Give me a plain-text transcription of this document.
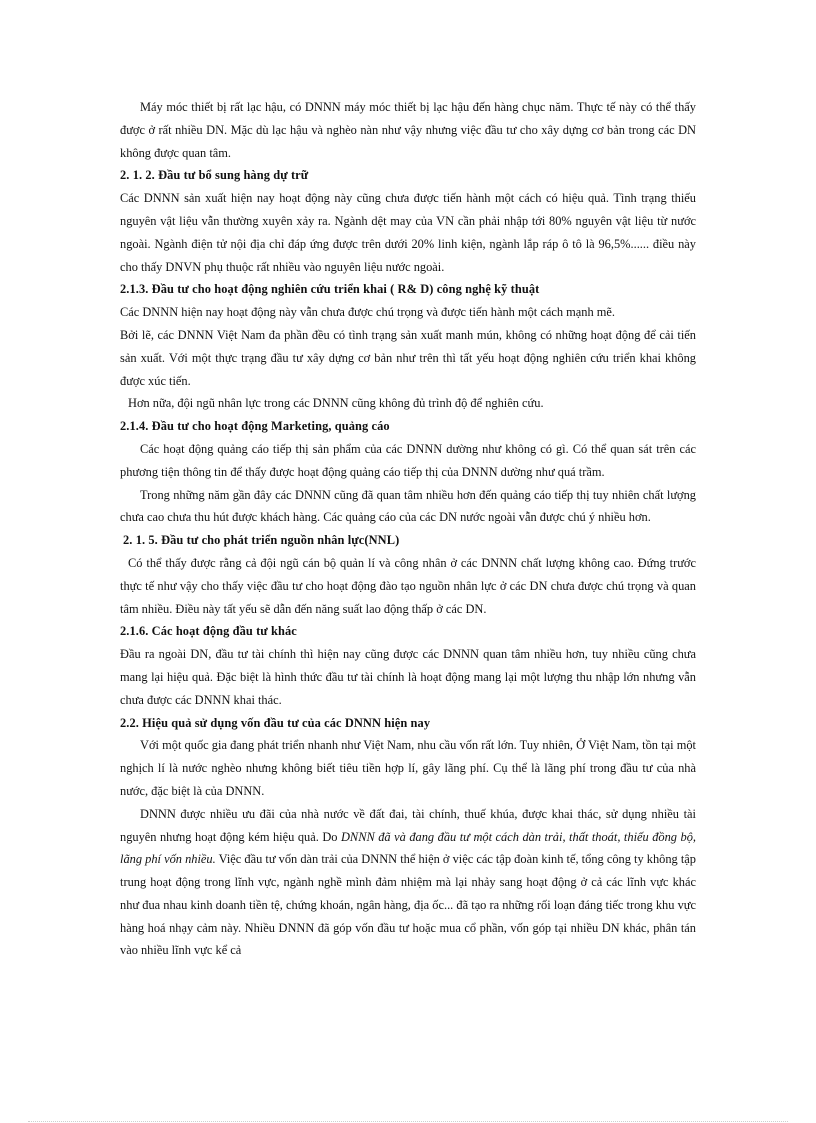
Máy móc thiết bị rất lạc hậu, có DNNN máy móc thiết bị lạc hậu đến hàng chục năm. Thực tế này có thể thấy được ở rất nhiều DN. Mặc dù lạc hậu và nghèo nàn như vậy nhưng việc đầu tư cho xây dựng cơ bản trong các DN không được quan tâm.

2. 1. 2. Đầu tư bổ sung hàng dự trữ

Các DNNN sản xuất hiện nay hoạt động này cũng chưa được tiến hành một cách có hiệu quả. Tình trạng thiếu nguyên vật liệu vẫn thường xuyên xảy ra. Ngành dệt may của VN cần phải nhập tới 80% nguyên vật liệu từ nước ngoài. Ngành điện tử nội địa chỉ đáp ứng được trên dưới 20% linh kiện, ngành lắp ráp ô tô là 96,5%...... điều này cho thấy DNVN phụ thuộc rất nhiều vào nguyên liệu nước ngoài.

2.1.3. Đầu tư cho hoạt động nghiên cứu triển khai ( R& D) công nghệ kỹ thuật

Các DNNN hiện nay hoạt động này vẫn chưa được chú trọng và được tiến hành một cách mạnh mẽ.

Bởi lẽ, các DNNN Việt Nam đa phần đều có tình trạng sản xuất manh mún, không có những hoạt động để cải tiến sản xuất. Với một thực trạng đầu tư xây dựng cơ bản như trên thì tất yếu hoạt động nghiên cứu triển khai không được xúc tiến.

Hơn nữa, đội ngũ nhân lực trong các DNNN cũng không đủ trình độ để nghiên cứu.

2.1.4. Đầu tư cho hoạt động Marketing, quảng cáo

Các hoạt động quảng cáo tiếp thị sản phẩm của các DNNN dường như không có gì. Có thể quan sát trên các phương tiện thông tin để thấy được hoạt động quảng cáo tiếp thị của DNNN dường như quá trầm.

Trong những năm gần đây các DNNN cũng đã quan tâm nhiều hơn đến quảng cáo tiếp thị tuy nhiên chất lượng chưa cao chưa thu hút được khách hàng. Các quảng cáo của các DN nước ngoài vẫn được chú ý nhiều hơn.

2. 1. 5. Đầu tư cho phát triển nguồn nhân lực(NNL)

Có thể thấy được rằng cả đội ngũ cán bộ quản lí và công nhân ở các DNNN chất lượng không cao. Đứng trước thực tế như vậy cho thấy việc đầu tư cho hoạt động đào tạo nguồn nhân lực ở các DN chưa được chú trọng và quan tâm nhiều. Điều này tất yếu sẽ dẫn đến năng suất lao động thấp ở các DN.

2.1.6. Các hoạt động đầu tư khác

Đầu ra ngoài DN, đầu tư tài chính thì hiện nay cũng được các DNNN quan tâm nhiều hơn, tuy nhiều cũng chưa mang lại hiệu quả. Đặc biệt là hình thức đầu tư tài chính là hoạt động mang lại một lượng thu nhập lớn nhưng vẫn chưa được các DNNN khai thác.

2.2. Hiệu quả sử dụng vốn đầu tư của các DNNN hiện nay

Với một quốc gia đang phát triển nhanh như Việt Nam, nhu cầu vốn rất lớn. Tuy nhiên, Ở Việt Nam, tồn tại một nghịch lí là nước nghèo nhưng không biết tiêu tiền hợp lí, gây lãng phí. Cụ thể là lãng phí trong đầu tư của nhà nước, đặc biệt là của DNNN.

DNNN được nhiều ưu đãi của nhà nước về đất đai, tài chính, thuế khúa, được khai thác, sử dụng nhiều tài nguyên nhưng hoạt động kém hiệu quả. Do DNNN đã và đang đầu tư một cách dàn trải, thất thoát, thiếu đồng bộ, lãng phí vốn nhiều. Việc đầu tư vốn dàn trải của DNNN thể hiện ở việc các tập đoàn kinh tế, tổng công ty không tập trung hoạt động trong lĩnh vực, ngành nghề mình đảm nhiệm mà lại nhảy sang hoạt động ở cả các lĩnh vực khác như đua nhau kinh doanh tiền tệ, chứng khoán, ngân hàng, địa ốc... đã tạo ra những rối loạn đáng tiếc trong khu vực hàng hoá nhạy cảm này. Nhiều DNNN đã góp vốn đầu tư hoặc mua cổ phần, vốn góp tại nhiều DN khác, phân tán vào nhiều lĩnh vực kể cả
